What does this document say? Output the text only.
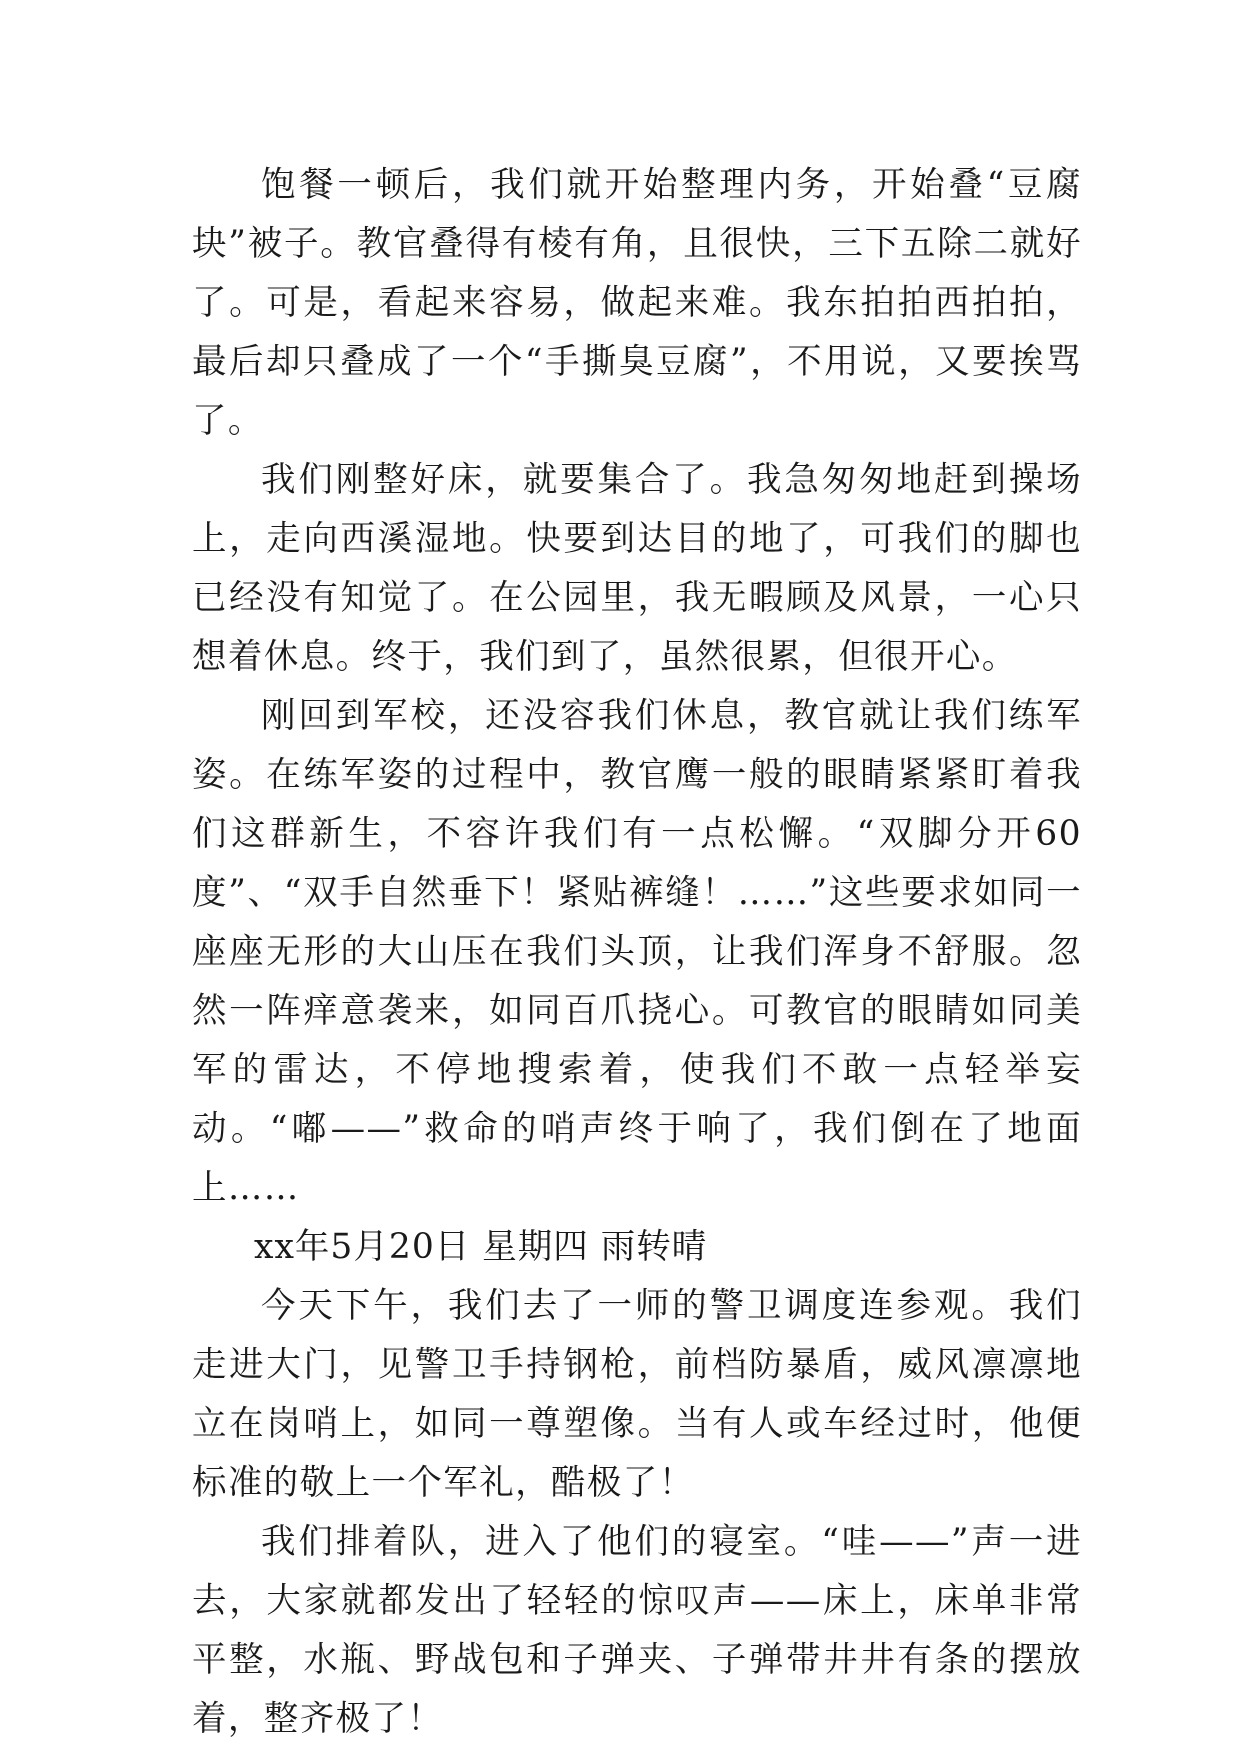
饱餐一顿后，我们就开始整理内务，开始叠“豆腐块”被子。教官叠得有棱有角，且很快，三下五除二就好了。可是，看起来容易，做起来难。我东拍拍西拍拍，最后却只叠成了一个“手撕臭豆腐”，不用说，又要挨骂了。

我们刚整好床，就要集合了。我急匆匆地赶到操场上，走向西溪湿地。快要到达目的地了，可我们的脚也已经没有知觉了。在公园里，我无暇顾及风景，一心只想着休息。终于，我们到了，虽然很累，但很开心。

刚回到军校，还没容我们休息，教官就让我们练军姿。在练军姿的过程中，教官鹰一般的眼睛紧紧盯着我们这群新生，不容许我们有一点松懈。“双脚分开60度”、“双手自然垂下！紧贴裤缝！……”这些要求如同一座座无形的大山压在我们头顶，让我们浑身不舒服。忽然一阵痒意袭来，如同百爪挠心。可教官的眼睛如同美军的雷达，不停地搜索着，使我们不敢一点轻举妄动。“嘟——”救命的哨声终于响了，我们倒在了地面上……

xx年5月20日 星期四 雨转晴

今天下午，我们去了一师的警卫调度连参观。我们走进大门，见警卫手持钢枪，前档防暴盾，威风凛凛地立在岗哨上，如同一尊塑像。当有人或车经过时，他便标准的敬上一个军礼，酷极了！

我们排着队，进入了他们的寝室。“哇——”声一进去，大家就都发出了轻轻的惊叹声——床上，床单非常平整，水瓶、野战包和子弹夹、子弹带井井有条的摆放着，整齐极了！
